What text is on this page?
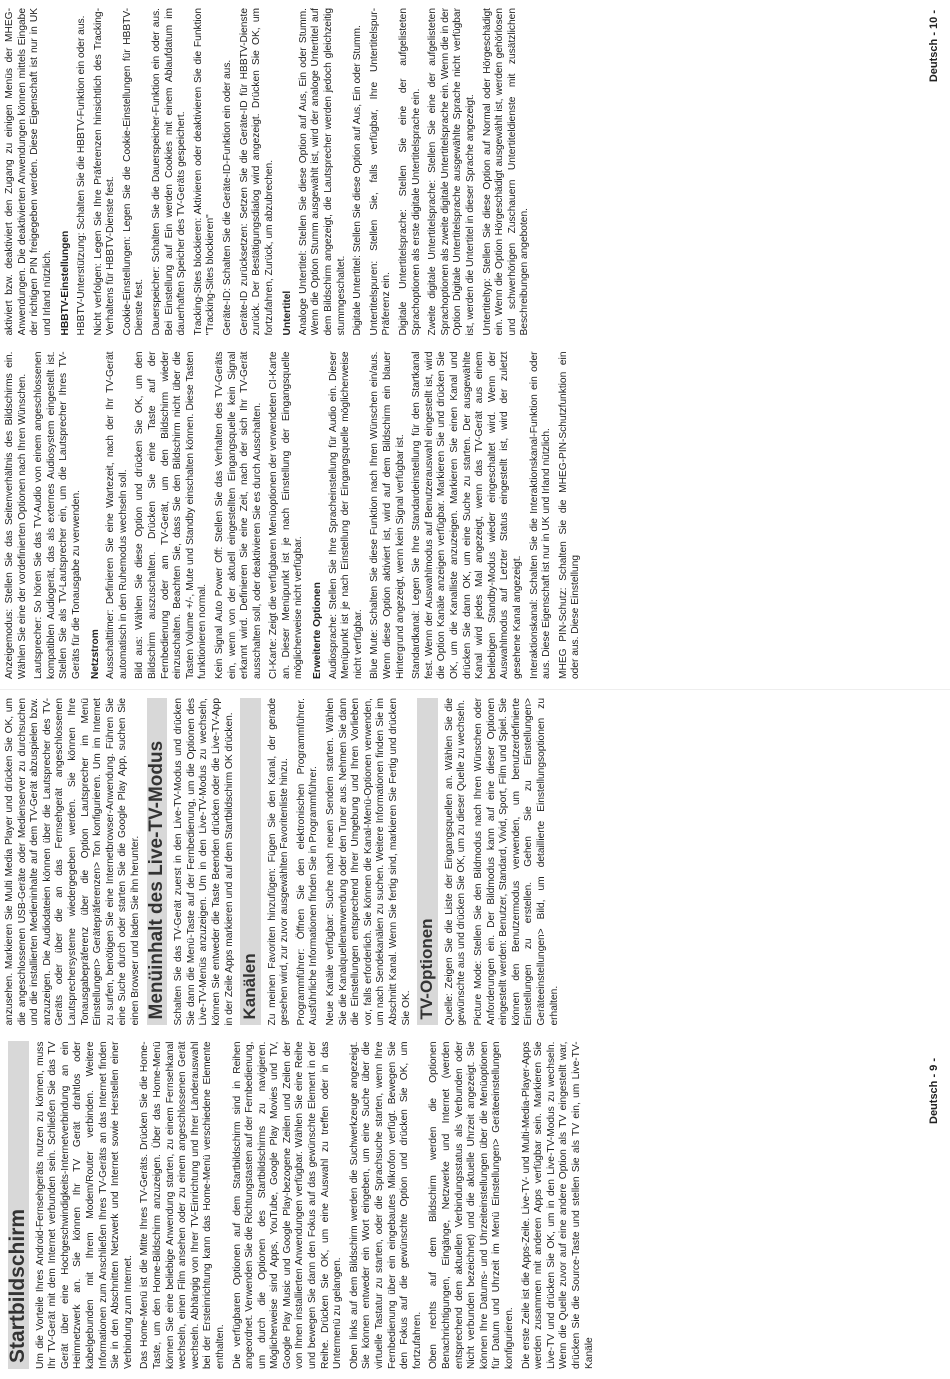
Startbildschirm Um die Vorteile Ihres Android-Fernsehgeräts nutzen zu können, muss Ihr TV-Gerät mit dem Internet verbunden sein. Schließen Sie das TV Gerät über eine Hochgeschwindigkeits-Internetverbindung an ein Heimnetzwerk an. Sie können Ihr TV Gerät drahtlos oder kabelgebunden mit Ihrem Modem/Router verbinden. Weitere Informationen zum Anschließen Ihres TV-Geräts an das Internet finden Sie in den Abschnitten Netzwerk und Internet sowie Herstellen einer Verbindung zum Internet. Das Home-Menü ist die Mitte Ihres TV-Geräts. Drücken Sie die Home-Taste, um den Home-Bildschirm anzuzeigen. Über das Home-Menü können Sie eine beliebige Anwendung starten, zu einem Fernsehkanal wechseln, einen Film ansehen oder zu einem angeschlossenen Gerät wechseln. Abhängig von Ihrer TV-Einrichtung und Ihrer Länderauswahl bei der Ersteinrichtung kann das Home-Menü verschiedene Elemente enthalten. Die verfügbaren Optionen auf dem Startbildschirm sind in Reihen angeordnet. Verwenden Sie die Richtungstasten auf der Fernbedienung, um durch die Optionen des Startbildschirms zu navigieren. Möglicherweise sind Apps, YouTube, Google Play Movies und TV, Google Play Music und Google Play-bezogene Zeilen und Zeilen der von Ihnen installierten Anwendungen verfügbar. Wählen Sie eine Reihe und bewegen Sie dann den Fokus auf das gewünschte Element in der Reihe. Drücken Sie OK, um eine Auswahl zu treffen oder in das Untermenü zu gelangen. Oben links auf dem Bildschirm werden die Suchwerkzeuge angezeigt. Sie können entweder ein Wort eingeben, um eine Suche über die virtuelle Tastatur zu starten, oder die Sprachsuche starten, wenn Ihre Fernbedienung über ein eingebautes Mikrofon verfügt. Bewegen Sie den Fokus auf die gewünschte Option und drücken Sie OK, um fortzufahren. Oben rechts auf dem Bildschirm werden die Optionen Benachrichtigungen, Eingänge, Netzwerke und Internet (werden entsprechend dem aktuellen Verbindungsstatus als Verbunden oder Nicht verbunden bezeichnet) und die aktuelle Uhrzeit angezeigt. Sie können Ihre Datums- und Uhrzeiteinstellungen über die Menüoptionen für Datum und Uhrzeit im Menü Einstellungen> Geräteeinstellungen konfigurieren. Die erste Zeile ist die Apps-Zeile. Live-TV- und Multi-Media-Player-Apps werden zusammen mit anderen Apps verfügbar sein. Markieren Sie Live-TV und drücken Sie OK, um in den Live-TV-Modus zu wechseln. Wenn die Quelle zuvor auf eine andere Option als TV eingestellt war, drücken Sie die Source-Taste und stellen Sie als TV ein, um Live-TV-Kanäle

anzusehen. Markieren Sie Multi Media Player und drücken Sie OK, um die angeschlossenen USB-Geräte oder Medienserver zu durchsuchen und die installierten Medieninhalte auf dem TV-Gerät abzuspielen bzw. anzuzeigen. Die Audiodateien können über die Lautsprecher des TV-Geräts oder über die an das Fernsehgerät angeschlossenen Lautsprechersysteme wiedergegeben werden. Sie können Ihre Tonausgabepräferenz über die Option Lautsprecher im Menü Einstellungen> Gerätepräferenzen> Ton konfigurieren. Um im Internet zu surfen, benötigen Sie eine Internetbrowser-Anwendung. Führen Sie eine Suche durch oder starten Sie die Google Play App, suchen Sie einen Browser und laden Sie ihn herunter. Menüinhalt des Live-TV-Modus Schalten Sie das TV-Gerät zuerst in den Live-TV-Modus und drücken Sie dann die Menü-Taste auf der Fernbedienung, um die Optionen des Live-TV-Menüs anzuzeigen. Um in den Live-TV-Modus zu wechseln, können Sie entweder die Taste Beenden drücken oder die Live-TV-App in der Zeile Apps markieren und auf dem Startbildschirm OK drücken. Kanälen Zu meinen Favoriten hinzufügen: Fügen Sie den Kanal, der gerade gesehen wird, zur zuvor ausgewählten Favoritenliste hinzu. Programmführer: Öffnen Sie den elektronischen Programmführer. Ausführliche Informationen finden Sie in Programmführer. Neue Kanäle verfügbar: Suche nach neuen Sendern starten. Wählen Sie die Kanalquellenanwendung oder den Tuner aus. Nehmen Sie dann die Einstellungen entsprechend Ihrer Umgebung und Ihren Vorlieben vor, falls erforderlich. Sie können die Kanal-Menü-Optionen verwenden, um nach Sendekanälen zu suchen. Weitere Informationen finden Sie im Abschnitt Kanal. Wenn Sie fertig sind, markieren Sie Fertig und drücken Sie OK. TV-Optionen Quelle: Zeigen Sie die Liste der Eingangsquellen an. Wählen Sie die gewünschte aus und drücken Sie OK, um zu dieser Quelle zu wechseln. Picture Mode: Stellen Sie den Bildmodus nach Ihren Wünschen oder Anforderungen ein. Der Bildmodus kann auf eine dieser Optionen eingestellt werden: Benutzer, Standard, Vivid, Sport, Film und Spiel. Sie können den Benutzermodus verwenden, um benutzerdefinierte Einstellungen zu erstellen. Gehen Sie zu Einstellungen> Geräteeinstellungen> Bild, um detaillierte Einstellungsoptionen zu erhalten.

Deutsch - 9 -

Anzeigemodus: Stellen Sie das Seitenverhältnis des Bildschirms ein. Wählen Sie eine der vordefinierten Optionen nach Ihren Wünschen. Lautsprecher: So hören Sie das TV-Audio von einem angeschlossenen kompatiblen Audiogerät, das als externes Audiosystem eingestellt ist. Stellen Sie als TV-Lautsprecher ein, um die Lautsprecher Ihres TV-Geräts für die Tonausgabe zu verwenden. Netzstrom Ausschalttimer: Definieren Sie eine Wartezeit, nach der Ihr TV-Gerät automatisch in den Ruhemodus wechseln soll. Bild aus: Wählen Sie diese Option und drücken Sie OK, um den Bildschirm auszuschalten. Drücken Sie eine Taste auf der Fernbedienung oder am TV-Gerät, um den Bildschirm wieder einzuschalten. Beachten Sie, dass Sie den Bildschirm nicht über die Tasten Volume +/-, Mute und Standby einschalten können. Diese Tasten funktionieren normal. Kein Signal Auto Power Off: Stellen Sie das Verhalten des TV-Geräts ein, wenn von der aktuell eingestellten Eingangsquelle kein Signal erkannt wird. Definieren Sie eine Zeit, nach der sich Ihr TV-Gerät ausschalten soll, oder deaktivieren Sie es durch Ausschalten. CI-Karte: Zeigt die verfügbaren Menüoptionen der verwendeten CI-Karte an. Dieser Menüpunkt ist je nach Einstellung der Eingangsquelle möglicherweise nicht verfügbar. Erweiterte Optionen Audiosprache: Stellen Sie Ihre Spracheinstellung für Audio ein. Dieser Menüpunkt ist je nach Einstellung der Eingangsquelle möglicherweise nicht verfügbar. Blue Mute: Schalten Sie diese Funktion nach Ihren Wünschen ein/aus. Wenn diese Option aktiviert ist, wird auf dem Bildschirm ein blauer Hintergrund angezeigt, wenn kein Signal verfügbar ist. Standardkanal: Legen Sie Ihre Standardeinstellung für den Startkanal fest. Wenn der Auswahlmodus auf Benutzerauswahl eingestellt ist, wird die Option Kanäle anzeigen verfügbar. Markieren Sie und drücken Sie OK, um die Kanalliste anzuzeigen. Markieren Sie einen Kanal und drücken Sie dann OK, um eine Suche zu starten. Der ausgewählte Kanal wird jedes Mal angezeigt, wenn das TV-Gerät aus einem beliebigen Standby-Modus wieder eingeschaltet wird. Wenn der Auswahlmodus auf Letzter Status eingestellt ist, wird der zuletzt gesehene Kanal angezeigt. Interaktionskanal: Schalten Sie die Interaktionskanal-Funktion ein oder aus. Diese Eigenschaft ist nur in UK und Irland nützlich. MHEG PIN-Schutz: Schalten Sie die MHEG-PIN-Schutzfunktion ein oder aus. Diese Einstellung

aktiviert bzw. deaktiviert den Zugang zu einigen Menüs der MHEG-Anwendungen. Die deaktivierten Anwendungen können mittels Eingabe der richtigen PIN freigegeben werden. Diese Eigenschaft ist nur in UK und Irland nützlich. HBBTV-Einstellungen HBBTV-Unterstützung: Schalten Sie die HBBTV-Funktion ein oder aus. Nicht verfolgen: Legen Sie Ihre Präferenzen hinsichtlich des Tracking-Verhaltens für HBBTV-Dienste fest. Cookie-Einstellungen: Legen Sie die Cookie-Einstellungen für HBBTV-Dienste fest. Dauerspeicher: Schalten Sie die Dauerspeicher-Funktion ein oder aus. Bei Einstellung auf Ein werden Cookies mit einem Ablaufdatum im dauerhaften Speicher des TV-Geräts gespeichert. Tracking-Sites blockieren: Aktivieren oder deaktivieren Sie die Funktion "Tracking-Sites blockieren" Geräte-ID: Schalten Sie die Geräte-ID-Funktion ein oder aus. Geräte-ID zurücksetzen: Setzen Sie die Geräte-ID für HBBTV-Dienste zurück. Der Bestätigungsdialog wird angezeigt. Drücken Sie OK, um fortzufahren, Zurück, um abzubrechen. Untertitel Analoge Untertitel: Stellen Sie diese Option auf Aus, Ein oder Stumm. Wenn die Option Stumm ausgewählt ist, wird der analoge Untertitel auf dem Bildschirm angezeigt, die Lautsprecher werden jedoch gleichzeitig stummgeschaltet. Digitale Untertitel: Stellen Sie diese Option auf Aus, Ein oder Stumm. Untertitelspuren: Stellen Sie, falls verfügbar, Ihre Untertitelspur-Präferenz ein. Digitale Untertitelsprache: Stellen Sie eine der aufgelisteten Sprachoptionen als erste digitale Untertitelsprache ein. Zweite digitale Untertitelsprache: Stellen Sie eine der aufgelisteten Sprachoptionen als zweite digitale Untertitelsprache ein. Wenn die in der Option Digitale Untertitelsprache ausgewählte Sprache nicht verfügbar ist, werden die Untertitel in dieser Sprache angezeigt. Untertiteltyp: Stellen Sie diese Option auf Normal oder Hörgeschädigt ein. Wenn die Option Hörgeschädigt ausgewählt ist, werden gehörlosen und schwerhörigen Zuschauern Untertiteldienste mit zusätzlichen Beschreibungen angeboten.

Deutsch - 10 -
